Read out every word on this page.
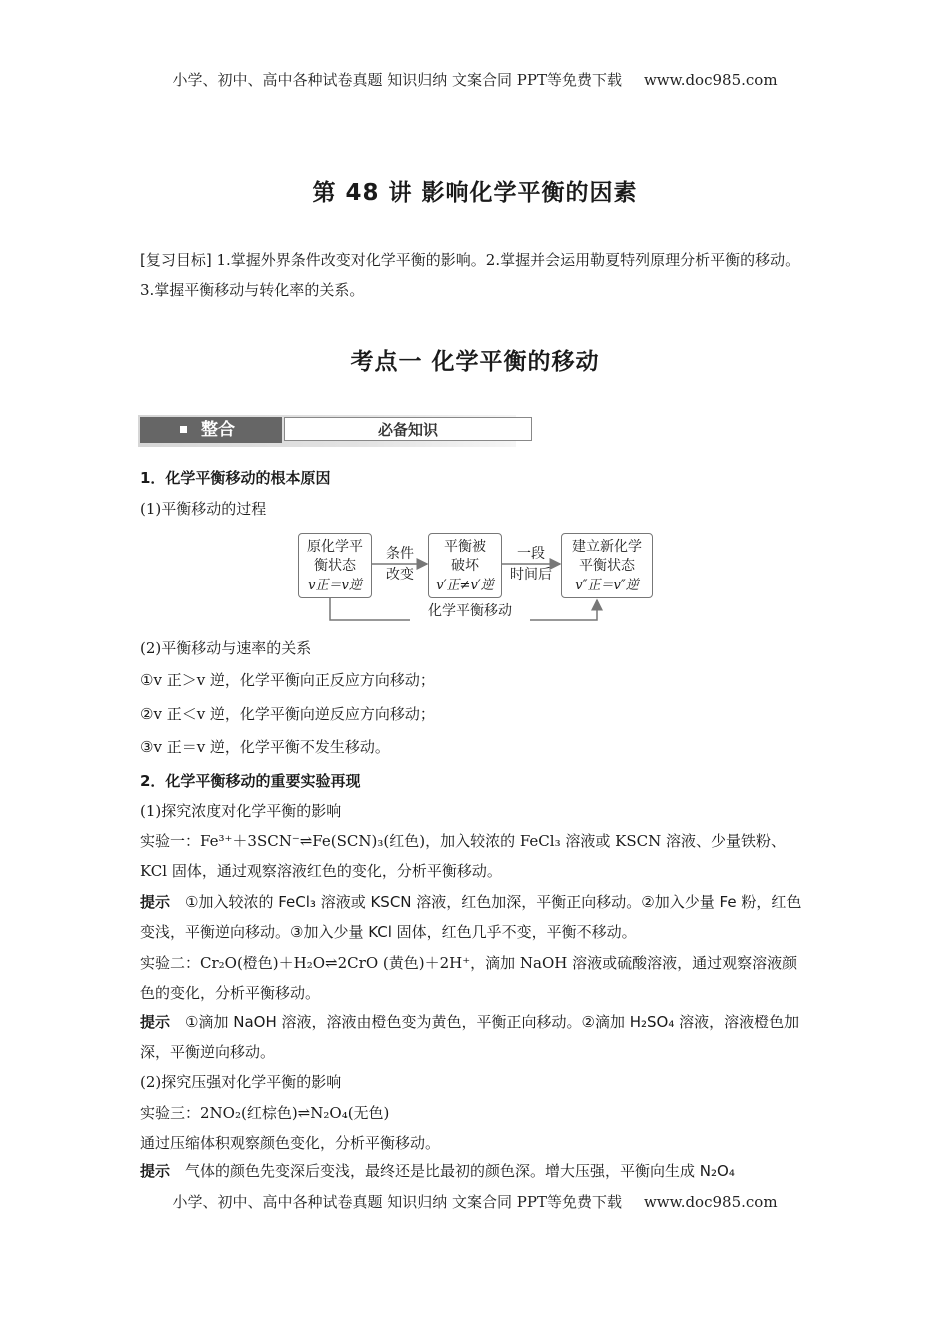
小学、初中、高中各种试卷真题 知识归纳 文案合同 PPT等免费下载 www.doc985.com
第 48 讲 影响化学平衡的因素
[复习目标] 1.掌握外界条件改变对化学平衡的影响。2.掌握并会运用勒夏特列原理分析平衡的移动。3.掌握平衡移动与转化率的关系。
考点一 化学平衡的移动
整合	必备知识
1．化学平衡移动的根本原因
(1)平衡移动的过程
原化学平
衡状态
v正＝v逆
条件
改变
平衡被
破坏
v′正≠v′逆
一段
时间后
建立新化学
平衡状态
v″正＝v″逆
化学平衡移动
(2)平衡移动与速率的关系
①v 正＞v 逆，化学平衡向正反应方向移动；
②v 正＜v 逆，化学平衡向逆反应方向移动；
③v 正＝v 逆，化学平衡不发生移动。
2．化学平衡移动的重要实验再现
(1)探究浓度对化学平衡的影响
实验一：Fe³⁺＋3SCN⁻⇌Fe(SCN)₃(红色)，加入较浓的 FeCl₃ 溶液或 KSCN 溶液、少量铁粉、KCl 固体，通过观察溶液红色的变化，分析平衡移动。
提示　 ①加入较浓的 FeCl₃ 溶液或 KSCN 溶液，红色加深，平衡正向移动。②加入少量 Fe 粉，红色变浅，平衡逆向移动。③加入少量 KCl 固体，红色几乎不变，平衡不移动。
实验二：Cr₂O(橙色)＋H₂O⇌2CrO (黄色)＋2H⁺，滴加 NaOH 溶液或硫酸溶液，通过观察溶液颜色的变化，分析平衡移动。
提示　 ①滴加 NaOH 溶液，溶液由橙色变为黄色，平衡正向移动。②滴加 H₂SO₄ 溶液，溶液橙色加深，平衡逆向移动。
(2)探究压强对化学平衡的影响
实验三：2NO₂(红棕色)⇌N₂O₄(无色)
通过压缩体积观察颜色变化，分析平衡移动。
提示　 气体的颜色先变深后变浅，最终还是比最初的颜色深。增大压强，平衡向生成 N₂O₄
小学、初中、高中各种试卷真题 知识归纳 文案合同 PPT等免费下载 www.doc985.com
